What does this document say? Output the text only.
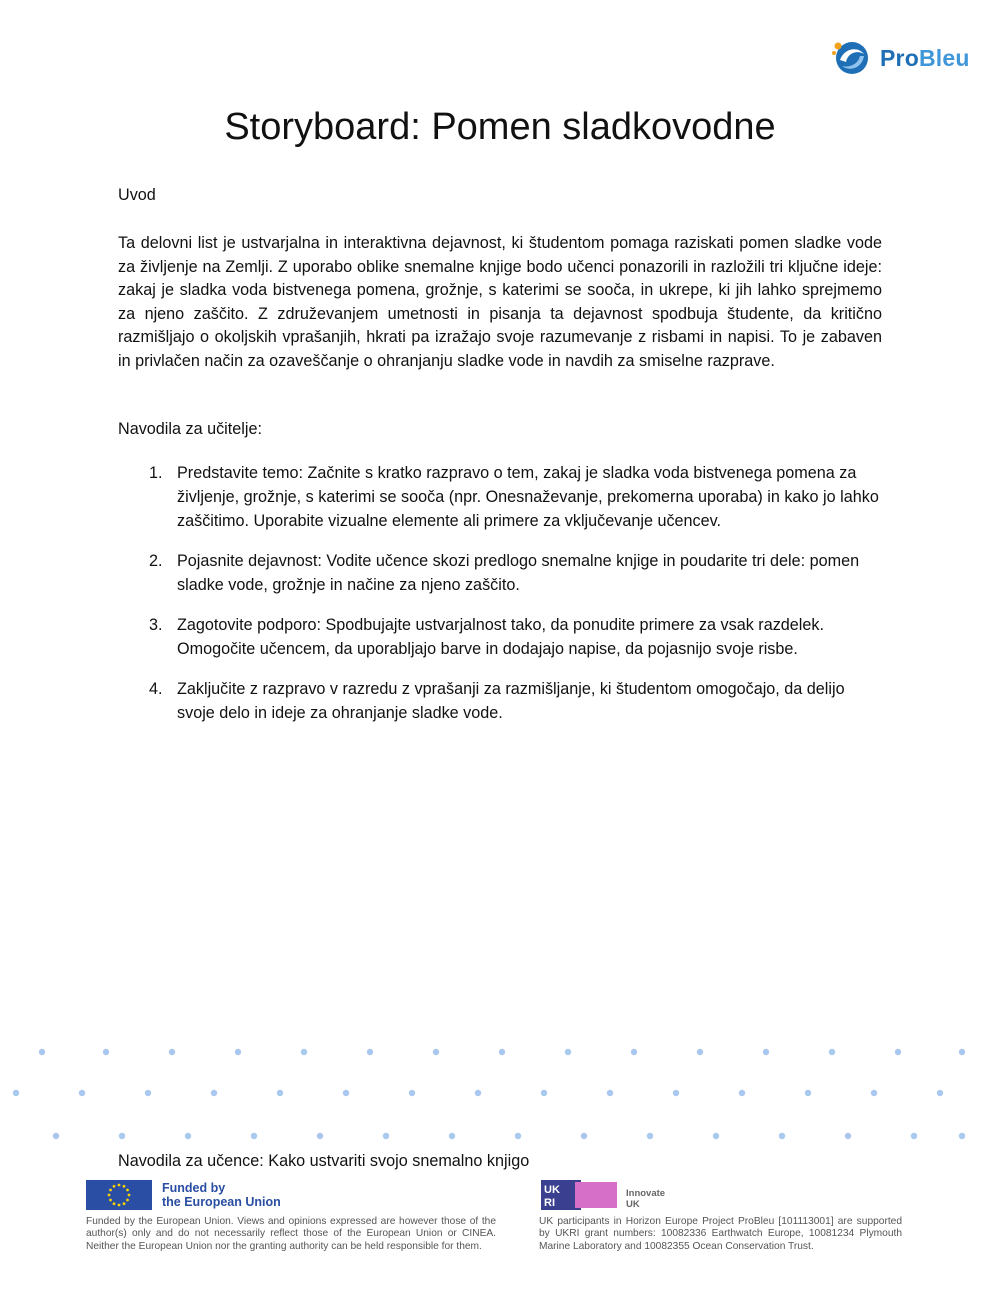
ProBleu
Storyboard: Pomen sladkovodne

Uvod

Ta delovni list je ustvarjalna in interaktivna dejavnost, ki študentom pomaga raziskati pomen sladke vode za življenje na Zemlji. Z uporabo oblike snemalne knjige bodo učenci ponazorili in razložili tri ključne ideje: zakaj je sladka voda bistvenega pomena, grožnje, s katerimi se sooča, in ukrepe, ki jih lahko sprejmemo za njeno zaščito. Z združevanjem umetnosti in pisanja ta dejavnost spodbuja študente, da kritično razmišljajo o okoljskih vprašanjih, hkrati pa izražajo svoje razumevanje z risbami in napisi. To je zabaven in privlačen način za ozaveščanje o ohranjanju sladke vode in navdih za smiselne razprave.

Navodila za učitelje:

1. Predstavite temo: Začnite s kratko razpravo o tem, zakaj je sladka voda bistvenega pomena za življenje, grožnje, s katerimi se sooča (npr. Onesnaževanje, prekomerna uporaba) in kako jo lahko zaščitimo. Uporabite vizualne elemente ali primere za vključevanje učencev.
2. Pojasnite dejavnost: Vodite učence skozi predlogo snemalne knjige in poudarite tri dele: pomen sladke vode, grožnje in načine za njeno zaščito.
3. Zagotovite podporo: Spodbujajte ustvarjalnost tako, da ponudite primere za vsak razdelek. Omogočite učencem, da uporabljajo barve in dodajajo napise, da pojasnijo svoje risbe.
4. Zaključite z razpravo v razredu z vprašanji za razmišljanje, ki študentom omogočajo, da delijo svoje delo in ideje za ohranjanje sladke vode.

Navodila za učence: Kako ustvariti svojo snemalno knjigo

Funded by
the European Union

Funded by the European Union. Views and opinions expressed are however those of the author(s) only and do not necessarily reflect those of the European Union or CINEA. Neither the European Union nor the granting authority can be held responsible for them.

UK
RI

Innovate
UK

UK participants in Horizon Europe Project ProBleu [101113001] are supported by UKRI grant numbers: 10082336 Earthwatch Europe, 10081234 Plymouth Marine Laboratory and 10082355 Ocean Conservation Trust.
